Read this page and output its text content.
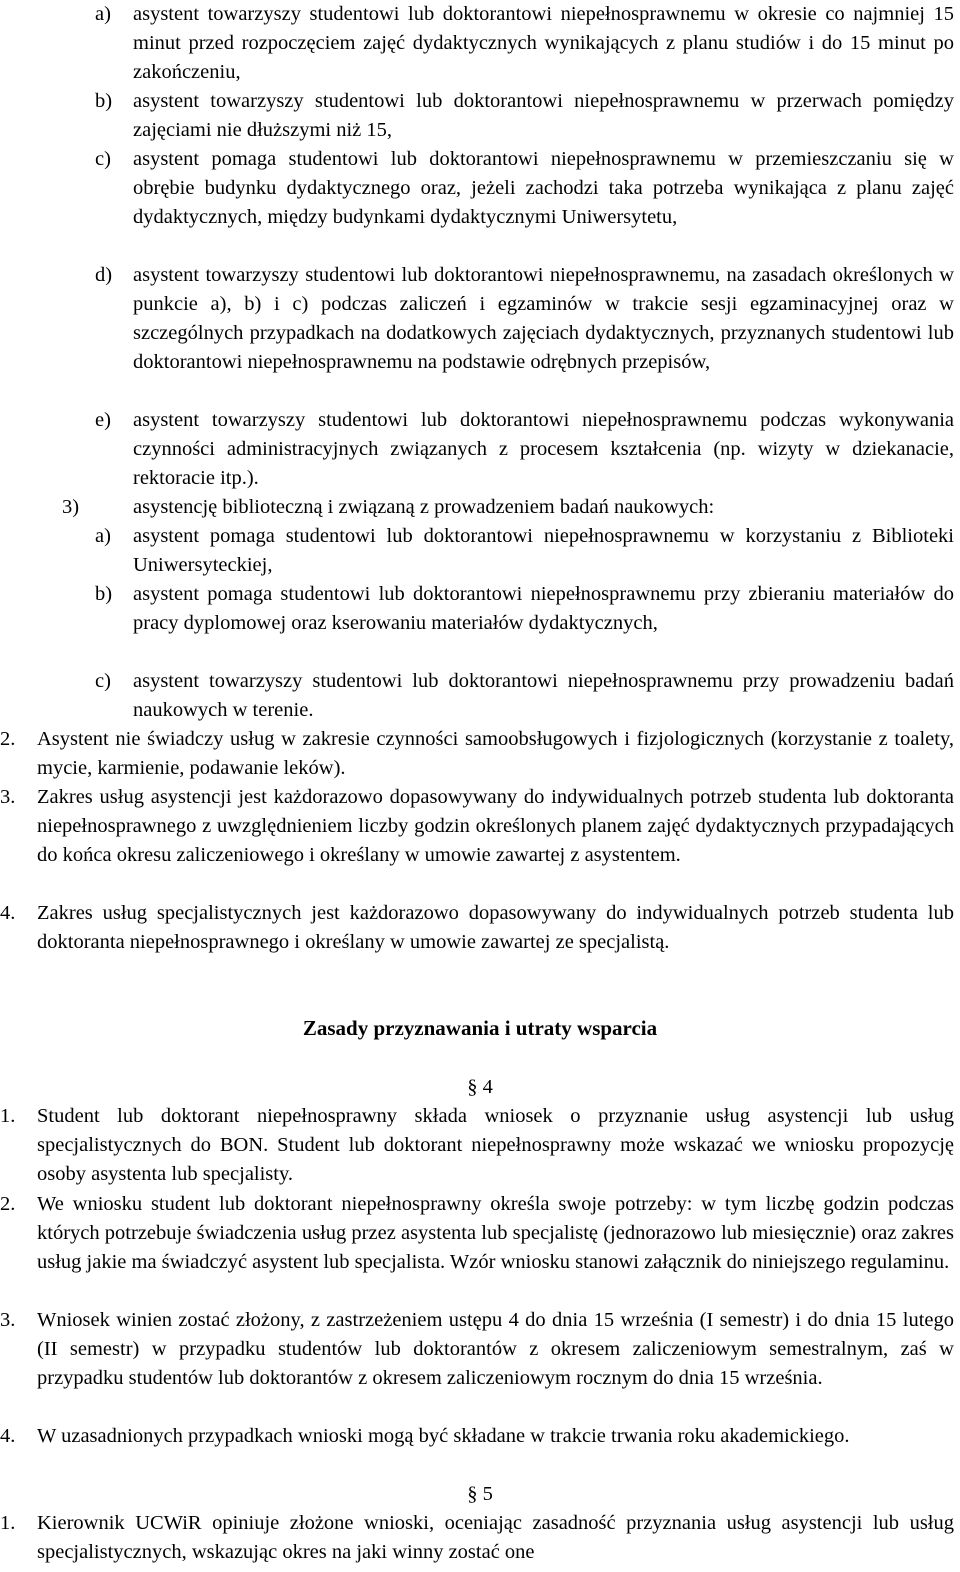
a) asystent towarzyszy studentowi lub doktorantowi niepełnosprawnemu w okresie co najmniej 15 minut przed rozpoczęciem zajęć dydaktycznych wynikających z planu studiów i do 15 minut po zakończeniu,
b) asystent towarzyszy studentowi lub doktorantowi niepełnosprawnemu w przerwach pomiędzy zajęciami nie dłuższymi niż 15,
c) asystent pomaga studentowi lub doktorantowi niepełnosprawnemu w przemieszczaniu się w obrębie budynku dydaktycznego oraz, jeżeli zachodzi taka potrzeba wynikająca z planu zajęć dydaktycznych, między budynkami dydaktycznymi Uniwersytetu,
d) asystent towarzyszy studentowi lub doktorantowi niepełnosprawnemu, na zasadach określonych w punkcie a), b) i c) podczas zaliczeń i egzaminów w trakcie sesji egzaminacyjnej oraz w szczególnych przypadkach na dodatkowych zajęciach dydaktycznych, przyznanych studentowi lub doktorantowi niepełnosprawnemu na podstawie odrębnych przepisów,
e) asystent towarzyszy studentowi lub doktorantowi niepełnosprawnemu podczas wykonywania czynności administracyjnych związanych z procesem kształcenia (np. wizyty w dziekanacie, rektoracie itp.).
3)	asystencję biblioteczną i związaną z prowadzeniem badań naukowych:
a) asystent pomaga studentowi lub doktorantowi niepełnosprawnemu w korzystaniu z Biblioteki Uniwersyteckiej,
b) asystent pomaga studentowi lub doktorantowi niepełnosprawnemu przy zbieraniu materiałów do pracy dyplomowej oraz kserowaniu materiałów dydaktycznych,
c) asystent towarzyszy studentowi lub doktorantowi niepełnosprawnemu przy prowadzeniu badań naukowych w terenie.
2. Asystent nie świadczy usług w zakresie czynności samoobsługowych i fizjologicznych (korzystanie z toalety, mycie, karmienie, podawanie leków).
3. Zakres usług asystencji jest każdorazowo dopasowywany do indywidualnych potrzeb studenta lub doktoranta niepełnosprawnego z uwzględnieniem liczby godzin określonych planem zajęć dydaktycznych przypadających do końca okresu zaliczeniowego i określany w umowie zawartej z asystentem.
4. Zakres usług specjalistycznych jest każdorazowo dopasowywany do indywidualnych potrzeb studenta lub doktoranta niepełnosprawnego i określany w umowie zawartej ze specjalistą.
Zasady przyznawania i utraty wsparcia
§ 4
1. Student lub doktorant niepełnosprawny składa wniosek o przyznanie usług asystencji lub usług specjalistycznych do BON. Student lub doktorant niepełnosprawny może wskazać we wniosku propozycję osoby asystenta lub specjalisty.
2. We wniosku student lub doktorant niepełnosprawny określa swoje potrzeby: w tym liczbę godzin podczas których potrzebuje świadczenia usług przez asystenta lub specjalistę (jednorazowo lub miesięcznie) oraz zakres usług jakie ma świadczyć asystent lub specjalista. Wzór wniosku stanowi załącznik do niniejszego regulaminu.
3. Wniosek winien zostać złożony, z zastrzeżeniem ustępu 4 do dnia 15 września (I semestr) i do dnia 15 lutego (II semestr) w przypadku studentów lub doktorantów z okresem zaliczeniowym semestralnym, zaś w przypadku studentów lub doktorantów z okresem zaliczeniowym rocznym do dnia 15 września.
4. W uzasadnionych przypadkach wnioski mogą być składane w trakcie trwania roku akademickiego.
§ 5
1. Kierownik UCWiR opiniuje złożone wnioski, oceniając zasadność przyznania usług asystencji lub usług specjalistycznych, wskazując okres na jaki winny zostać one
